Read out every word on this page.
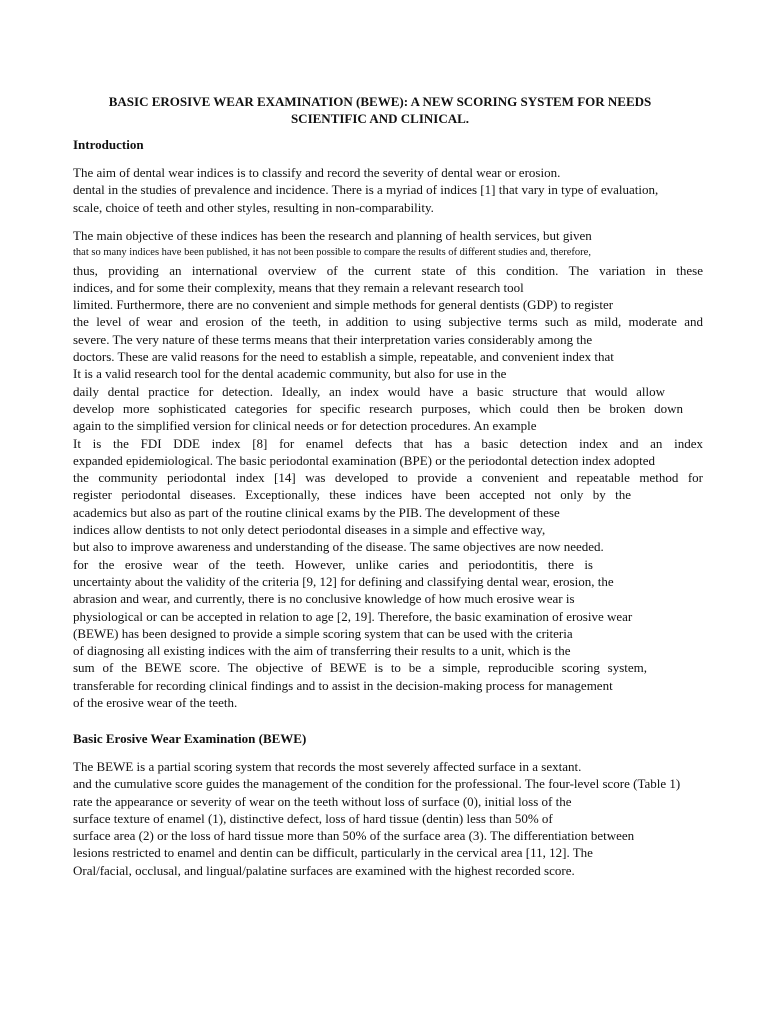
BASIC EROSIVE WEAR EXAMINATION (BEWE): A NEW SCORING SYSTEM FOR NEEDS
SCIENTIFIC AND CLINICAL.
Introduction
The aim of dental wear indices is to classify and record the severity of dental wear or erosion.
dental in the studies of prevalence and incidence. There is a myriad of indices [1] that vary in type of evaluation,
scale, choice of teeth and other styles, resulting in non-comparability.
The main objective of these indices has been the research and planning of health services, but given
that so many indices have been published, it has not been possible to compare the results of different studies and, therefore,
thus, providing an international overview of the current state of this condition. The variation in these
indices, and for some their complexity, means that they remain a relevant research tool
limited. Furthermore, there are no convenient and simple methods for general dentists (GDP) to register
the level of wear and erosion of the teeth, in addition to using subjective terms such as mild, moderate and
severe. The very nature of these terms means that their interpretation varies considerably among the
doctors. These are valid reasons for the need to establish a simple, repeatable, and convenient index that
It is a valid research tool for the dental academic community, but also for use in the
daily dental practice for detection. Ideally, an index would have a basic structure that would allow
develop more sophisticated categories for specific research purposes, which could then be broken down
again to the simplified version for clinical needs or for detection procedures. An example
It is the FDI DDE index [8] for enamel defects that has a basic detection index and an index
expanded epidemiological. The basic periodontal examination (BPE) or the periodontal detection index adopted
the community periodontal index [14] was developed to provide a convenient and repeatable method for
register periodontal diseases. Exceptionally, these indices have been accepted not only by the
academics but also as part of the routine clinical exams by the PIB. The development of these
indices allow dentists to not only detect periodontal diseases in a simple and effective way,
but also to improve awareness and understanding of the disease. The same objectives are now needed.
for the erosive wear of the teeth. However, unlike caries and periodontitis, there is
uncertainty about the validity of the criteria [9, 12] for defining and classifying dental wear, erosion, the
abrasion and wear, and currently, there is no conclusive knowledge of how much erosive wear is
physiological or can be accepted in relation to age [2, 19]. Therefore, the basic examination of erosive wear
(BEWE) has been designed to provide a simple scoring system that can be used with the criteria
of diagnosing all existing indices with the aim of transferring their results to a unit, which is the
sum of the BEWE score. The objective of BEWE is to be a simple, reproducible scoring system,
transferable for recording clinical findings and to assist in the decision-making process for management
of the erosive wear of the teeth.
Basic Erosive Wear Examination (BEWE)
The BEWE is a partial scoring system that records the most severely affected surface in a sextant.
and the cumulative score guides the management of the condition for the professional. The four-level score (Table 1)
rate the appearance or severity of wear on the teeth without loss of surface (0), initial loss of the
surface texture of enamel (1), distinctive defect, loss of hard tissue (dentin) less than 50% of
surface area (2) or the loss of hard tissue more than 50% of the surface area (3). The differentiation between
lesions restricted to enamel and dentin can be difficult, particularly in the cervical area [11, 12]. The
Oral/facial, occlusal, and lingual/palatine surfaces are examined with the highest recorded score.
